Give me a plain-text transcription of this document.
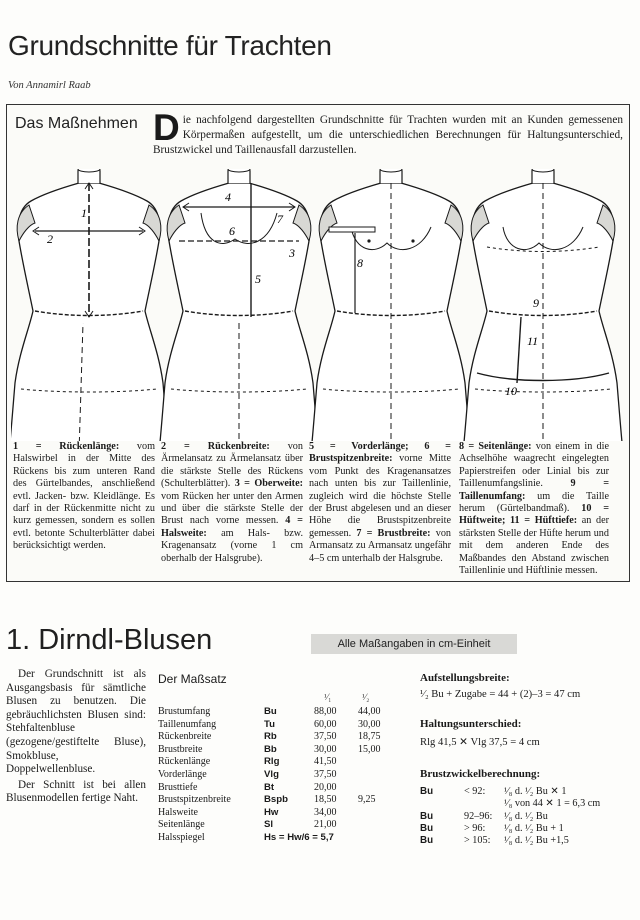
Grundschnitte für Trachten
Von Annamirl Raab
Das Maßnehmen Die nachfolgend dargestellten Grundschnitte für Trachten wurden mit an Kunden gemessenen Körpermaßen aufgestellt, um die unterschiedlichen Berechnungen für Haltungsunterschied, Brustzwickel und Taillenausfall darzustellen.
1
2
4
6
7
5
3
8
11
10
9
1 = Rückenlänge: vom Halswirbel in der Mitte des Rückens bis zum unteren Rand des Gürtelbandes, anschließend evtl. Jacken- bzw. Kleidlänge. Es darf in der Rückenmitte nicht zu kurz gemessen, sondern es sollen evtl. betonte Schulterblätter dabei berücksichtigt werden.
2 = Rückenbreite: von Ärmelansatz zu Ärmelansatz über die stärkste Stelle des Rückens (Schulterblätter). 3 = Oberweite: vom Rücken her unter den Armen und über die stärkste Stelle der Brust nach vorne messen. 4 = Halsweite: am Hals- bzw. Kragenansatz (vorne 1 cm oberhalb der Halsgrube).
5 = Vorderlänge; 6 = Brustspitzenbreite: vorne Mitte vom Punkt des Kragenansatzes nach unten bis zur Taillenlinie, zugleich wird die höchste Stelle der Brust abgelesen und an dieser Höhe die Brustspitzenbreite gemessen. 7 = Brustbreite: von Armansatz zu Armansatz ungefähr 4–5 cm unterhalb der Halsgrube.
8 = Seitenlänge: von einem in die Achselhöhe waagrecht eingelegten Papierstreifen oder Linial bis zur Taillenumfangslinie.	9 = Taillenumfang: um die Taille herum (Gürtelbandmaß). 10 = Hüftweite; 11 = Hüfttiefe: an der stärksten Stelle der Hüfte herum und mit dem anderen Ende des Maßbandes den Abstand zwischen Taillenlinie und Hüftlinie messen.
1. Dirndl-Blusen	Alle Maßangaben in cm-Einheit

Der Grundschnitt ist als Ausgangsbasis für sämtliche Blusen zu benutzen. Die gebräuchlichsten Blusen sind: Stehfaltenbluse (gezogene/gestiftelte Bluse), Smokbluse, Doppelwellenbluse.

Der Schnitt ist bei allen Blusenmodellen fertige Naht.

Der Maßsatz
¹⁄₁	¹⁄₂
Brustumfang	Bu	88,00	44,00
Taillenumfang	Tu	60,00	30,00
Rückenbreite	Rb	37,50	18,75
Brustbreite	Bb	30,00	15,00
Rückenlänge	Rlg	41,50
Vorderlänge	Vlg	37,50
Brusttiefe	Bt	20,00
Brustspitzenbreite	Bspb	18,50	9,25
Halsweite	Hw	34,00
Seitenlänge	Sl	21,00
Halsspiegel	Hs = Hw/6 = 5,7
Aufstellungsbreite:
¹⁄₂ Bu + Zugabe = 44 + (2)–3 = 47 cm
Haltungsunterschied:
Rlg 41,5 ✕ Vlg 37,5 = 4 cm
Brustzwickelberechnung:
Bu	< 92:	¹⁄₈ d. ¹⁄₂ Bu ✕ 1
¹⁄₈ von 44 ✕ 1 = 6,3 cm
Bu	92–96:	¹⁄₈ d. ¹⁄₂ Bu
Bu	> 96:	¹⁄₈ d. ¹⁄₂ Bu + 1
Bu	> 105:	¹⁄₈ d. ¹⁄₂ Bu +1,5
